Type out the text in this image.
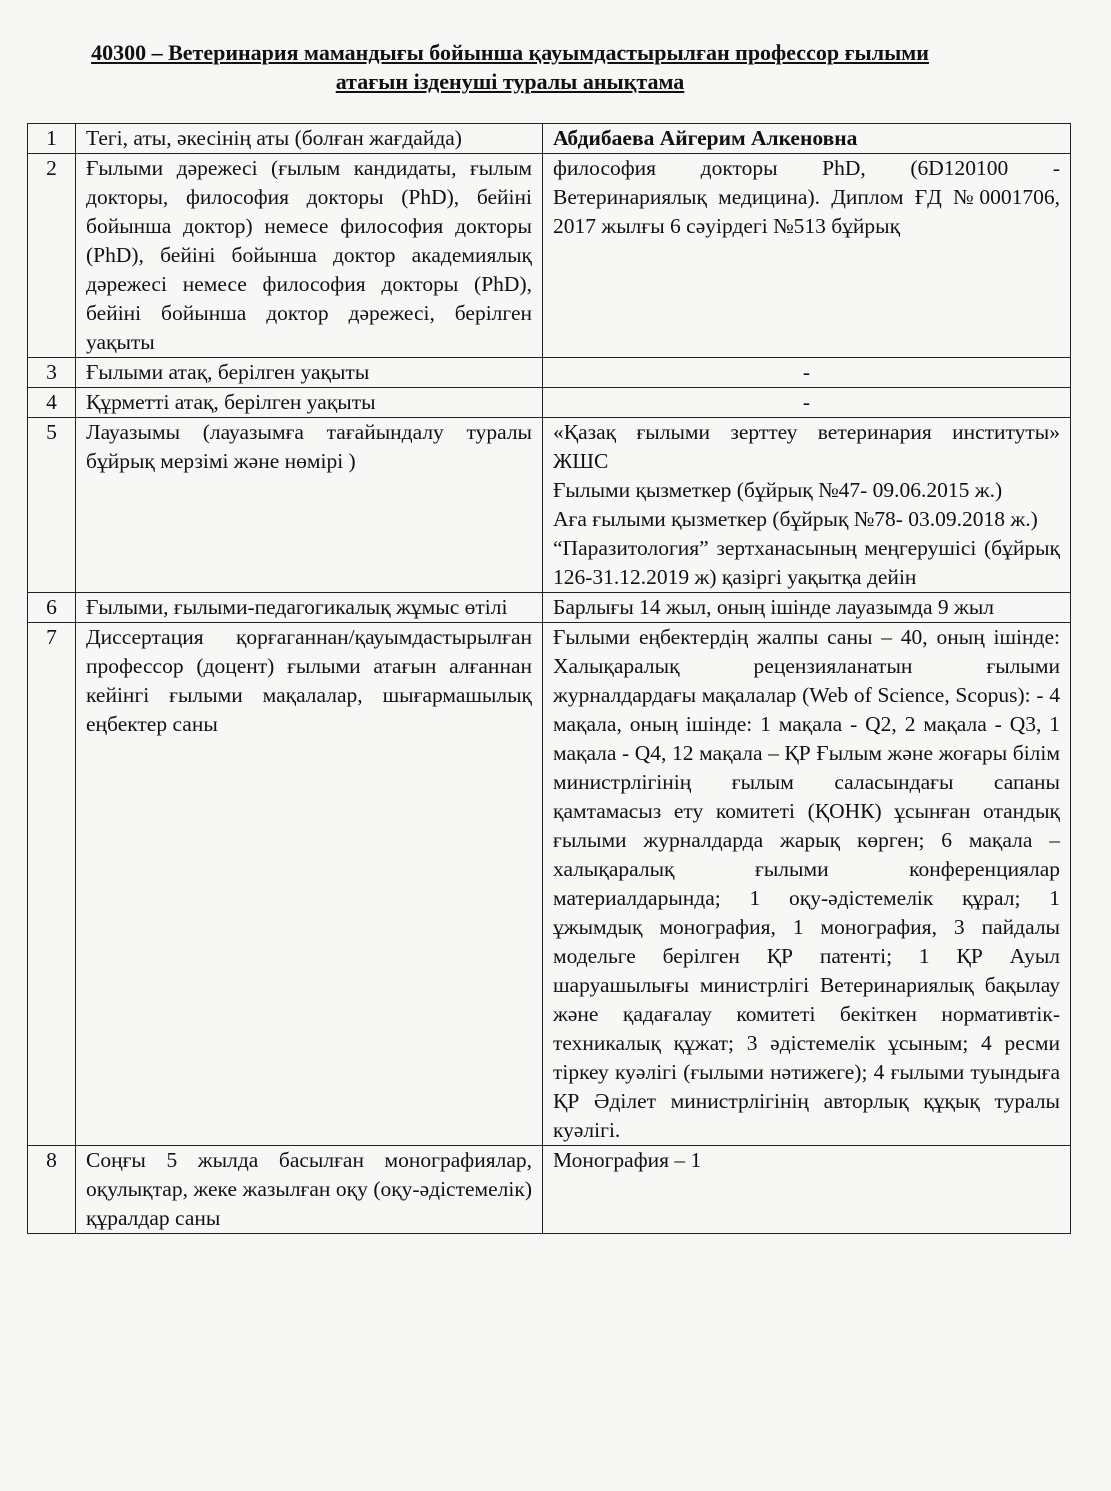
40300 – Ветеринария мамандығы бойынша қауымдастырылған профессор ғылыми
атағын ізденуші туралы анықтама
1	Тегі, аты, әкесінің аты (болған жағдайда)	Абдибаева Айгерим Алкеновна

2	Ғылыми дәрежесі (ғылым кандидаты, ғылым докторы, философия докторы (PhD), бейіні бойынша доктор) немесе философия докторы (PhD), бейіні бойынша доктор академиялық дәрежесі немесе философия докторы (PhD), бейіні бойынша доктор дәрежесі, берілген уақыты	философия докторы PhD, (6D120100 - Ветеринариялық медицина). Диплом ҒД №0001706, 2017 жылғы 6 сәуірдегі №513 бұйрық

3	Ғылыми атақ, берілген уақыты	-

4	Құрметті атақ, берілген уақыты	-

5	Лауазымы (лауазымға тағайындалу туралы бұйрық мерзімі және нөмірі )	«Қазақ ғылыми зерттеу ветеринария институты» ЖШС

Ғылыми қызметкер (бұйрық №47- 09.06.2015 ж.)

Аға ғылыми қызметкер (бұйрық №78- 03.09.2018 ж.)

“Паразитология” зертханасының меңгерушісі (бұйрық 126-31.12.2019 ж) қазіргі уақытқа дейін

6	Ғылыми, ғылыми-педагогикалық жұмыс өтілі	Барлығы 14 жыл, оның ішінде лауазымда 9 жыл

7	Диссертация қорғаганнан/қауымдастырылған профессор (доцент) ғылыми атағын алғаннан кейінгі ғылыми мақалалар, шығармашылық еңбектер саны	Ғылыми еңбектердің жалпы саны – 40, оның ішінде: Халықаралық рецензияланатын ғылыми журналдардағы мақалалар (Web of Science, Scopus): - 4 мақала, оның ішінде: 1 мақала - Q2, 2 мақала - Q3, 1 мақала - Q4, 12 мақала – ҚР Ғылым және жоғары білім министрлігінің ғылым саласындағы сапаны қамтамасыз ету комитеті (ҚОНК) ұсынған отандық ғылыми журналдарда жарық көрген; 6 мақала – халықаралық ғылыми конференциялар материалдарында; 1 оқу-әдістемелік құрал; 1 ұжымдық монография, 1 монография, 3 пайдалы модельге берілген ҚР патенті; 1 ҚР Ауыл шаруашылығы министрлігі Ветеринариялық бақылау және қадағалау комитеті бекіткен нормативтік-техникалық құжат; 3 әдістемелік ұсыным; 4 ресми тіркеу куәлігі (ғылыми нәтижеге); 4 ғылыми туындыға ҚР Әділет министрлігінің авторлық құқық туралы куәлігі.

8	Соңғы 5 жылда басылған монографиялар, оқулықтар, жеке жазылған оқу (оқу-әдістемелік) құралдар саны	Монография – 1
